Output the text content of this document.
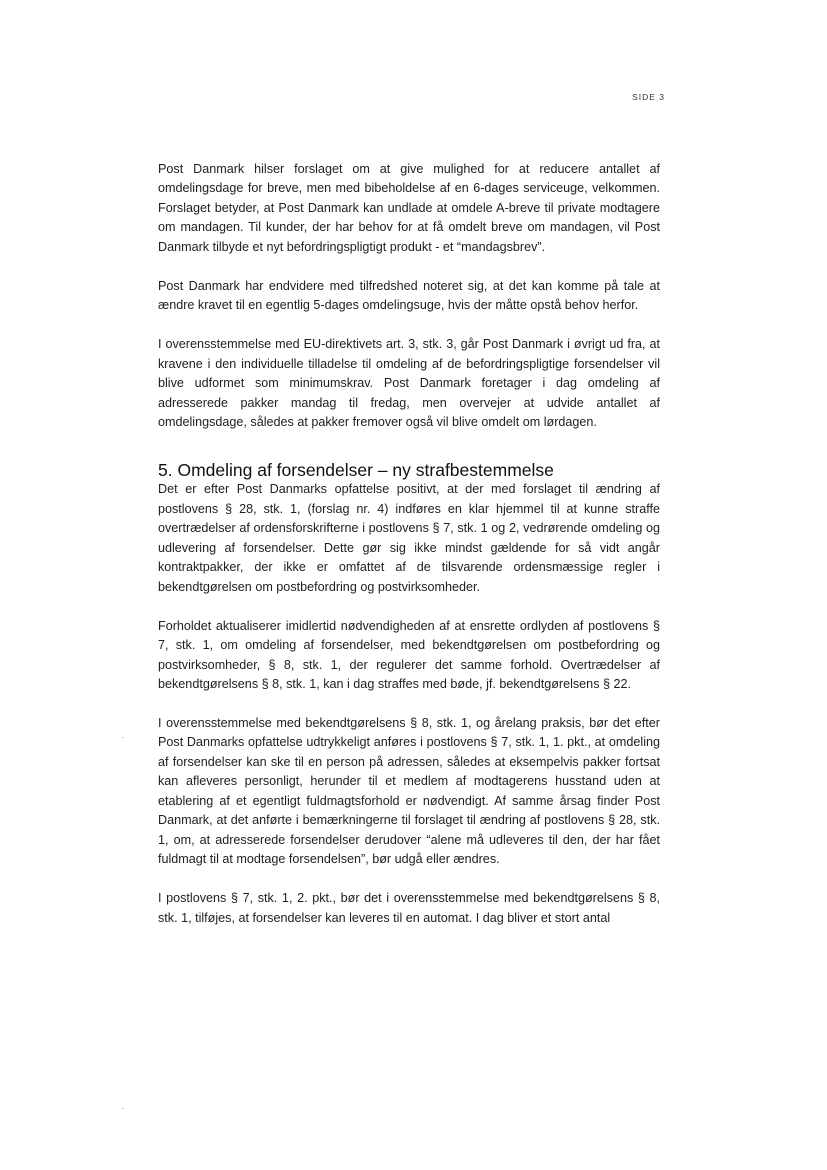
SIDE 3

Post Danmark hilser forslaget om at give mulighed for at reducere antallet af omdelingsdage for breve, men med bibeholdelse af en 6-dages serviceuge, velkommen. Forslaget betyder, at Post Danmark kan undlade at omdele A-breve til private modtagere om mandagen. Til kunder, der har behov for at få omdelt breve om mandagen, vil Post Danmark tilbyde et nyt befordringspligtigt produkt - et “mandagsbrev”.

Post Danmark har endvidere med tilfredshed noteret sig, at det kan komme på tale at ændre kravet til en egentlig 5-dages omdelingsuge, hvis der måtte opstå behov herfor.

I overensstemmelse med EU-direktivets art. 3, stk. 3, går Post Danmark i øvrigt ud fra, at kravene i den individuelle tilladelse til omdeling af de befordringspligtige forsendelser vil blive udformet som minimumskrav. Post Danmark foretager i dag omdeling af adresserede pakker mandag til fredag, men overvejer at udvide antallet af omdelingsdage, således at pakker fremover også vil blive omdelt om lørdagen.

5. Omdeling af forsendelser – ny strafbestemmelse

Det er efter Post Danmarks opfattelse positivt, at der med forslaget til ændring af postlovens § 28, stk. 1, (forslag nr. 4) indføres en klar hjemmel til at kunne straffe overtrædelser af ordensforskrifterne i postlovens § 7, stk. 1 og 2, vedrørende omdeling og udlevering af forsendelser. Dette gør sig ikke mindst gældende for så vidt angår kontraktpakker, der ikke er omfattet af de tilsvarende ordensmæssige regler i bekendtgørelsen om postbefordring og postvirksomheder.

Forholdet aktualiserer imidlertid nødvendigheden af at ensrette ordlyden af postlovens § 7, stk. 1, om omdeling af forsendelser, med bekendtgørelsen om postbefordring og postvirksomheder, § 8, stk. 1, der regulerer det samme forhold. Overtrædelser af bekendtgørelsens § 8, stk. 1, kan i dag straffes med bøde, jf. bekendtgørelsens § 22.

I overensstemmelse med bekendtgørelsens § 8, stk. 1, og årelang praksis, bør det efter Post Danmarks opfattelse udtrykkeligt anføres i postlovens § 7, stk. 1, 1. pkt., at omdeling af forsendelser kan ske til en person på adressen, således at eksempelvis pakker fortsat kan afleveres personligt, herunder til et medlem af modtagerens husstand uden at etablering af et egentligt fuldmagtsforhold er nødvendigt. Af samme årsag finder Post Danmark, at det anførte i bemærkningerne til forslaget til ændring af postlovens § 28, stk. 1, om, at adresserede forsendelser derudover “alene må udleveres til den, der har fået fuldmagt til at modtage forsendelsen”, bør udgå eller ændres.

I postlovens § 7, stk. 1, 2. pkt., bør det i overensstemmelse med bekendtgørelsens § 8, stk. 1, tilføjes, at forsendelser kan leveres til en automat. I dag bliver et stort antal
